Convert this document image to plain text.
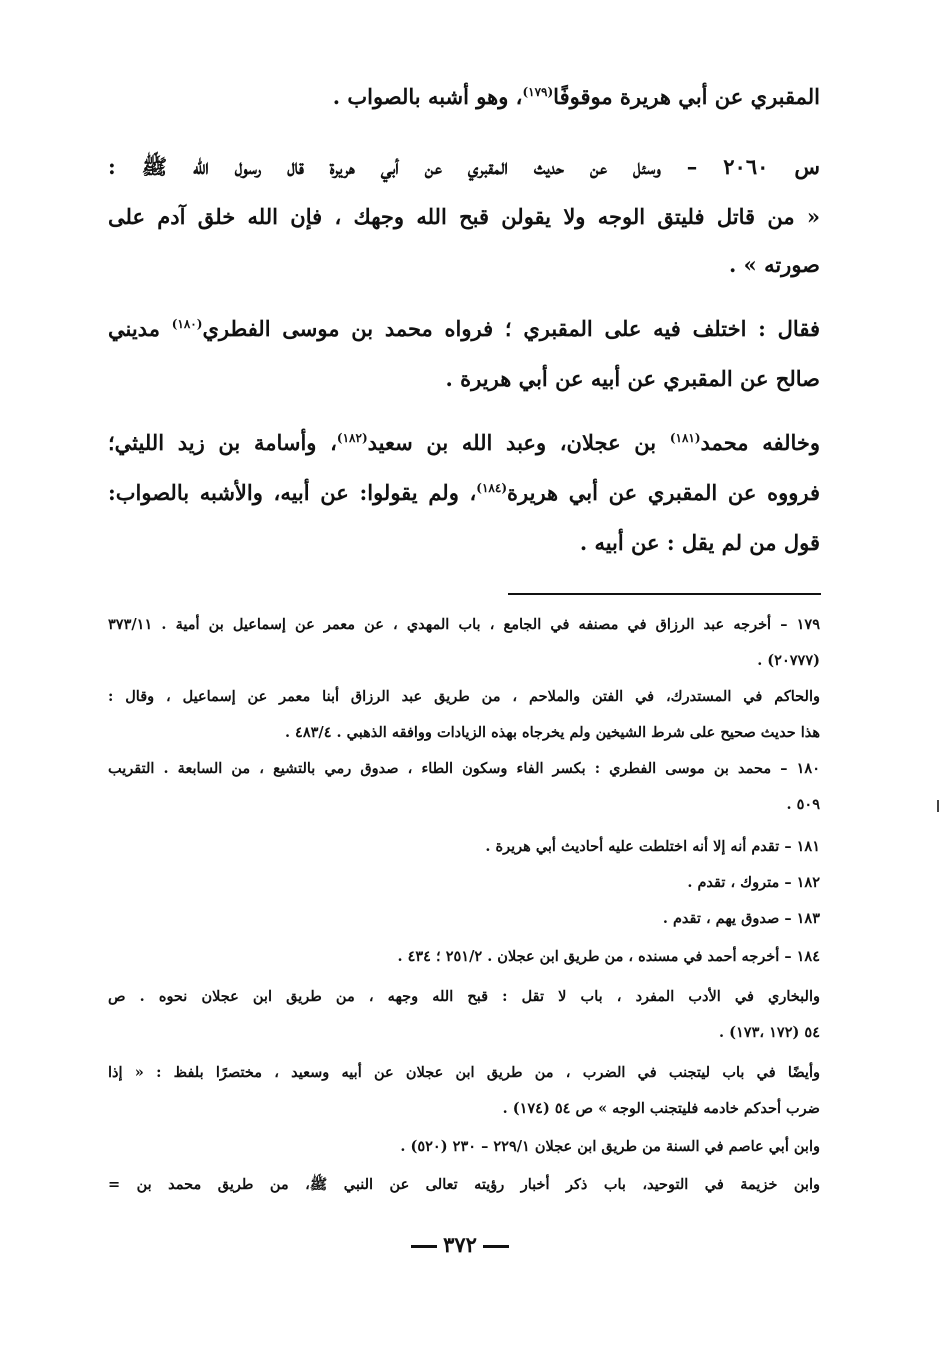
المقبري عن أبي هريرة موقوفًا$^{(١٧٩)}$، وهو أشبه بالصواب .
س ٢٠٦٠ – وسئل عن حديث المقبري عن أبي هريرة قال رسول الله ﷺ :
« من قاتل فليتق الوجه ولا يقولن قبح الله وجهك ، فإن الله خلق آدم على
صورته » .
فقال : اختلف فيه على المقبري ؛ فرواه محمد بن موسى الفطري$^{(١٨٠)}$ مديني
صالح عن المقبري عن أبيه عن أبي هريرة .
وخالفه محمد$^{(١٨١)}$ بن عجلان، وعبد الله بن سعيد$^{(١٨٢)}$، وأسامة بن زيد الليثي؛
فرووه عن المقبري عن أبي هريرة$^{(١٨٤)}$، ولم يقولوا: عن أبيه، والأشبه بالصواب:
قول من لم يقل : عن أبيه .
١٧٩ – أخرجه عبد الرزاق في مصنفه في الجامع ، باب المهدي ، عن معمر عن إسماعيل بن أمية . ٣٧٣/١١
(٢٠٧٧٧) .
والحاكم في المستدرك، في الفتن والملاحم ، من طريق عبد الرزاق أبنا معمر عن إسماعيل ، وقال :
هذا حديث صحيح على شرط الشيخين ولم يخرجاه بهذه الزيادات ووافقه الذهبي . ٤٨٣/٤ .
١٨٠ – محمد بن موسى الفطري : بكسر الفاء وسكون الطاء ، صدوق رمي بالتشيع ، من السابعة . التقريب
٥٠٩ .
١٨١ – تقدم أنه إلا أنه اختلطت عليه أحاديث أبي هريرة .
١٨٢ – متروك ، تقدم .
١٨٣ – صدوق يهم ، تقدم .
١٨٤ – أخرجه أحمد في مسنده ، من طريق ابن عجلان . ٢٥١/٢ ؛ ٤٣٤ .
والبخاري في الأدب المفرد ، باب لا تقل : قبح الله وجهه ، من طريق ابن عجلان نحوه . ص
٥٤ (١٧٢ ،١٧٣) .
وأيضًا في باب ليتجنب في الضرب ، من طريق ابن عجلان عن أبيه وسعيد ، مختصرًا بلفظ : « إذا
ضرب أحدكم خادمه فليتجنب الوجه » ص ٥٤ (١٧٤) .
وابن أبي عاصم في السنة من طريق ابن عجلان ٢٢٩/١ – ٢٣٠ (٥٢٠) .
وابن خزيمة في التوحيد، باب ذكر أخبار رؤيته تعالى عن النبي ﷺ، من طريق محمد بن =
٣٧٢
